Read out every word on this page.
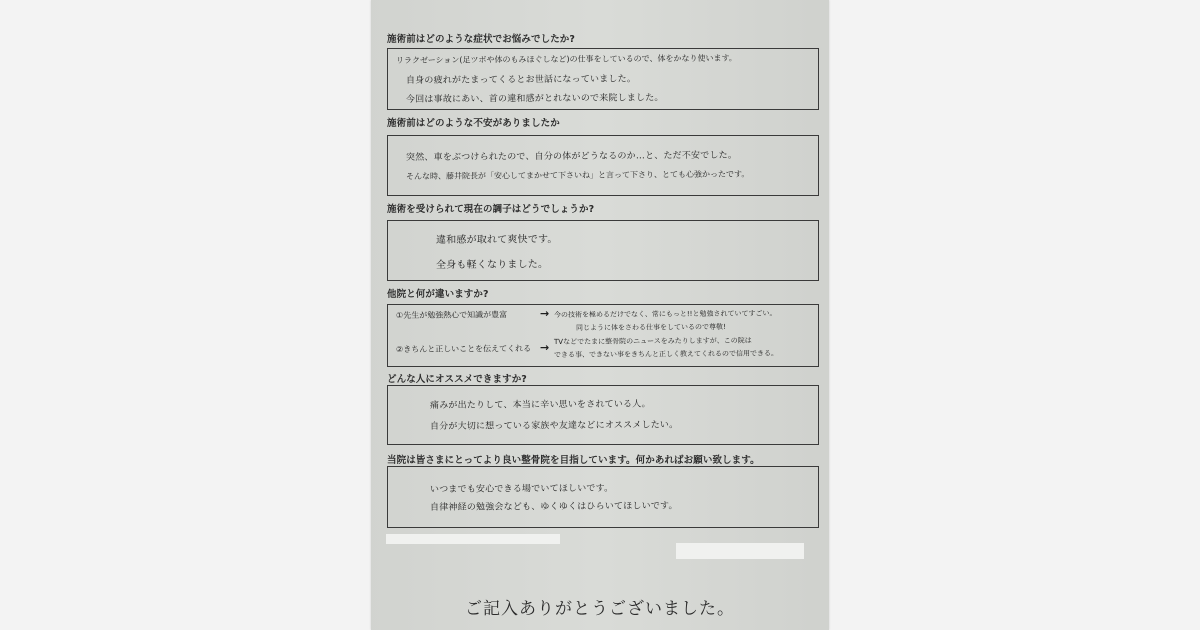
施術前はどのような症状でお悩みでしたか?
リラクゼーション(足ツボや体のもみほぐしなど)の仕事をしているので、体をかなり使います。
自身の疲れがたまってくるとお世話になっていました。
今回は事故にあい、首の違和感がとれないので来院しました。
施術前はどのような不安がありましたか
突然、車をぶつけられたので、自分の体がどうなるのか…と、ただ不安でした。
そんな時、藤井院長が「安心してまかせて下さいね」と言って下さり、とても心強かったです。
施術を受けられて現在の調子はどうでしょうか?
違和感が取れて爽快です。
全身も軽くなりました。
他院と何が違いますか?
①先生が勉強熱心で知識が豊富	→ 今の技術を極めるだけでなく、常にもっと!!と勉強されていてすごい。
同じように体をさわる仕事をしているので尊敬!
②きちんと正しいことを伝えてくれる → TVなどでたまに整骨院のニュースをみたりしますが、この院は
できる事、できない事をきちんと正しく教えてくれるので信用できる。
どんな人にオススメできますか?
痛みが出たりして、本当に辛い思いをされている人。
自分が大切に想っている家族や友達などにオススメしたい。
当院は皆さまにとってより良い整骨院を目指しています。何かあればお願い致します。
いつまでも安心できる場でいてほしいです。
自律神経の勉強会なども、ゆくゆくはひらいてほしいです。
ご記入ありがとうございました。
